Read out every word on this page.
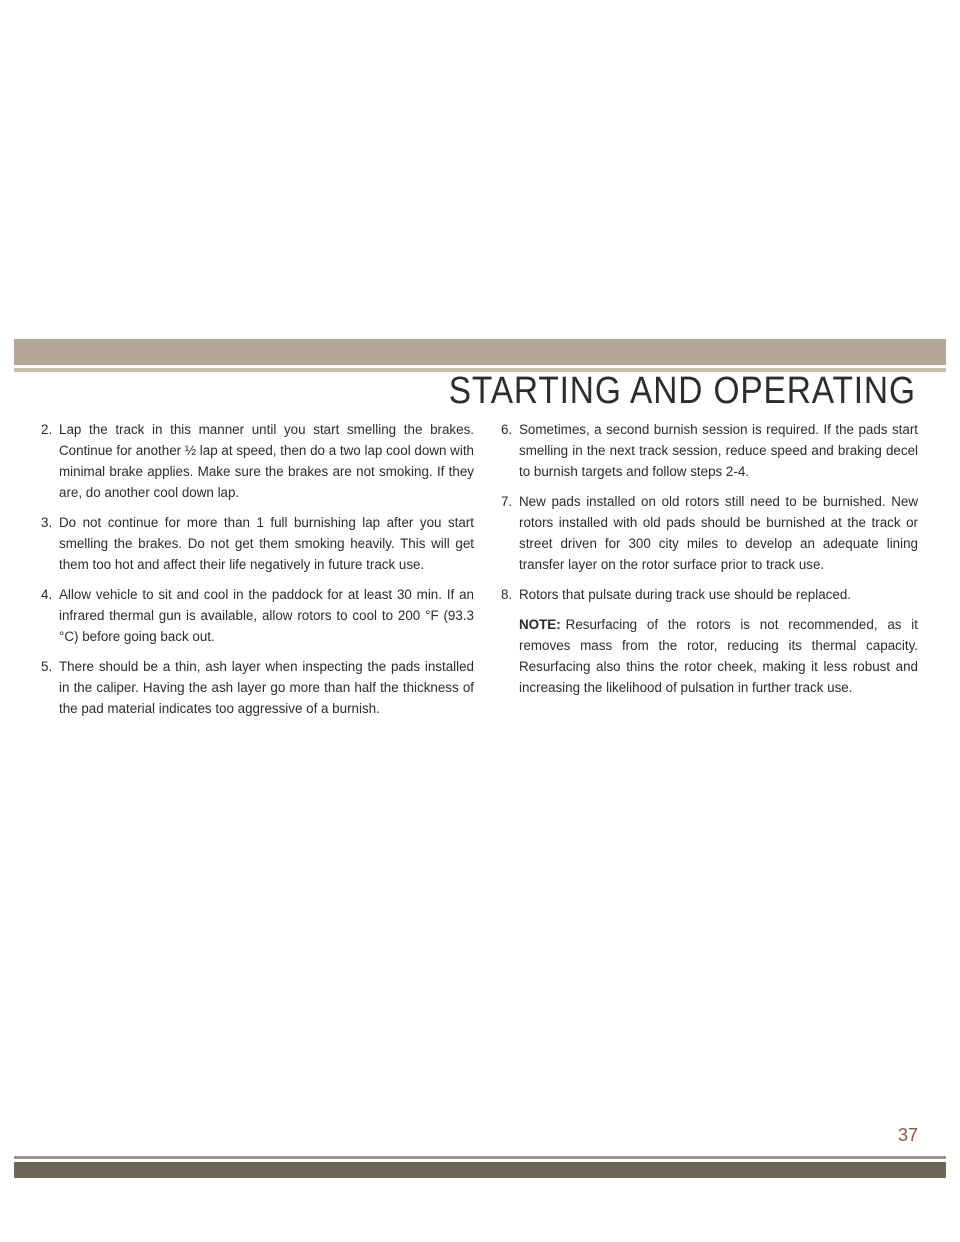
STARTING AND OPERATING
2. Lap the track in this manner until you start smelling the brakes. Continue for another ½ lap at speed, then do a two lap cool down with minimal brake applies. Make sure the brakes are not smoking. If they are, do another cool down lap.
3. Do not continue for more than 1 full burnishing lap after you start smelling the brakes. Do not get them smoking heavily. This will get them too hot and affect their life negatively in future track use.
4. Allow vehicle to sit and cool in the paddock for at least 30 min. If an infrared thermal gun is available, allow rotors to cool to 200 °F (93.3 °C) before going back out.
5. There should be a thin, ash layer when inspecting the pads installed in the caliper. Having the ash layer go more than half the thickness of the pad material indicates too aggressive of a burnish.
6. Sometimes, a second burnish session is required. If the pads start smelling in the next track session, reduce speed and braking decel to burnish targets and follow steps 2-4.
7. New pads installed on old rotors still need to be burnished. New rotors installed with old pads should be burnished at the track or street driven for 300 city miles to develop an adequate lining transfer layer on the rotor surface prior to track use.
8. Rotors that pulsate during track use should be replaced.
NOTE: Resurfacing of the rotors is not recommended, as it removes mass from the rotor, reducing its thermal capacity. Resurfacing also thins the rotor cheek, making it less robust and increasing the likelihood of pulsation in further track use.
37
